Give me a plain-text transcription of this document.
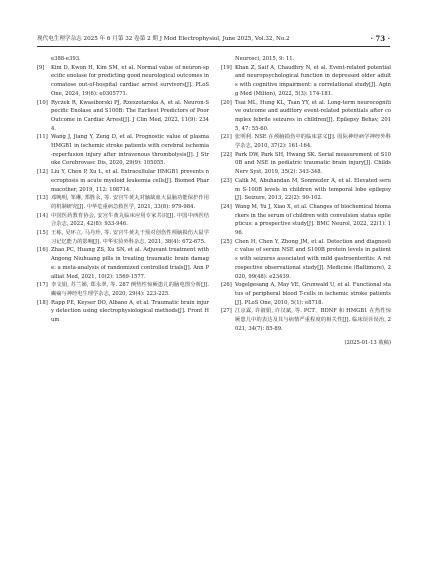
现代电生理学杂志 2025 年 6 月第 32 卷第 2 期 J Mod Electrophysiol, June 2025, Vol.32, No.2	· 73 ·
e388-e393.
[9]	Kim D, Kwon H, Kim SM, et al. Normal value of neuron-specific enolase for predicting good neurological outcomes in comatose out-of-hospital cardiac arrest survivors[J]. PLoS One, 2024, 19(6): e0305771.
[10] Ryczek R, Kwasiborski PJ, Rzeszotarska A, et al. Neuron-Specific Enolase and S100B: The Earliest Predictors of Poor Outcome in Cardiac Arrest[J]. J Clin Med, 2022, 11(9): 2344.
[11] Wang J, Jiang Y, Zeng D, et al. Prognostic value of plasma HMGB1 in ischemic stroke patients with cerebral ischemia-reperfusion injury after intravenous thrombolysis[J]. J Stroke Cerebrovasc Dis, 2020, 29(9): 105055.
[12] Liu Y, Chen P, Xu L, et al. Extracellular HMGB1 prevents necroptosis in acute myeloid leukemia cells[J]. Biomed Pharmacother, 2019, 112: 108714.
[13] 邓晚明, 邹琳, 郑胜永, 等. 安宫牛黄丸对脑缺血大鼠脑功能保护作用的机制研究[J]. 中华危重病急救医学, 2021, 33(8): 979-984.
[14] 中国医药教育协会, 安宫牛黄丸临床应用专家共识[J]. 中国中西医结合杂志, 2022, 42(8): 933-946.
[15] 王栋, 吴环立, 马丹珍, 等. 安宫牛黄丸干预对创伤性颅脑损伤大鼠学习记忆能力的影响[J]. 中华实验外科杂志, 2021, 38(4): 672-675.
[16] Zhao PC, Huang ZS, Xu SN, et al. Adjuvant treatment with Angong Niuhuang pills in treating traumatic brain damage: a meta-analysis of randomized controlled trials[J]. Ann Palliat Med, 2021, 10(2): 1569-1577.
[17] 李文娟, 苏兰娣, 郑永翠, 等. 287 例热性惊厥患儿的脑电图分析[J]. 癫痫与神经电生理学杂志, 2020, 29(4): 223-225.
[18] Rapp PE, Keyser DO, Albano A, et al. Traumatic brain injury detection using electrophysiological methods[J]. Front Hum
Neurosci, 2015, 9: 11.
[19] Khan Z, Saif A, Chaudhry N, et al. Event-related potential and neuropsychological function in depressed older adults with cognitive impairment: a correlational study[J]. Aging Med (Milton), 2022, 5(3): 174-181.
[20] Tsai ML, Hung KL, Tsan YY, et al. Long-term neurocognitive outcome and auditory event-related potentials after complex febrile seizures in children[J]. Epilepsy Behav, 2015, 47: 55-60.
[21] 张明利. NSE 在颅脑损伤中的临床意义[J]. 国际神经病学神经外科学杂志, 2010, 37(2): 161-164.
[22] Park DW, Park SH, Hwang SK. Serial measurement of S100B and NSE in pediatric traumatic brain injury[J]. Childs Nerv Syst, 2019, 35(2): 343-348.
[23] Calik M, Abuhandan M, Sonmezler A, et al. Elevated serum S-100B levels in children with temporal lobe epilepsy[J]. Seizure, 2013, 22(2): 99-102.
[24] Wang M, Yu J, Xiao X, et al. Changes of biochemical biomarkers in the serum of children with convulsion status epilepticus: a prospective study[J]. BMC Neurol, 2022, 22(1): 196.
[25] Chen H, Chen Y, Zhong JM, et al. Detection and diagnostic value of serum NSE and S100B protein levels in patients with seizures associated with mild gastroenteritis: A retrospective observational study[J]. Medicine (Baltimore), 2020, 99(48): e23439.
[26] Vogelgesang A, May VE, Grunwald U, et al. Functional status of peripheral blood T-cells in ischemic stroke patients[J]. PLoS One, 2010, 5(1): e8718.
[27] 江京霖, 许淑娟, 许汉斌, 等. PCT、BDNF 和 HMGB1 在热性惊厥患儿中的表达及其与病情严重程度的相关性[J]. 临床误诊误治, 2021, 34(7): 85-89.
(2025-01-13 收稿)
